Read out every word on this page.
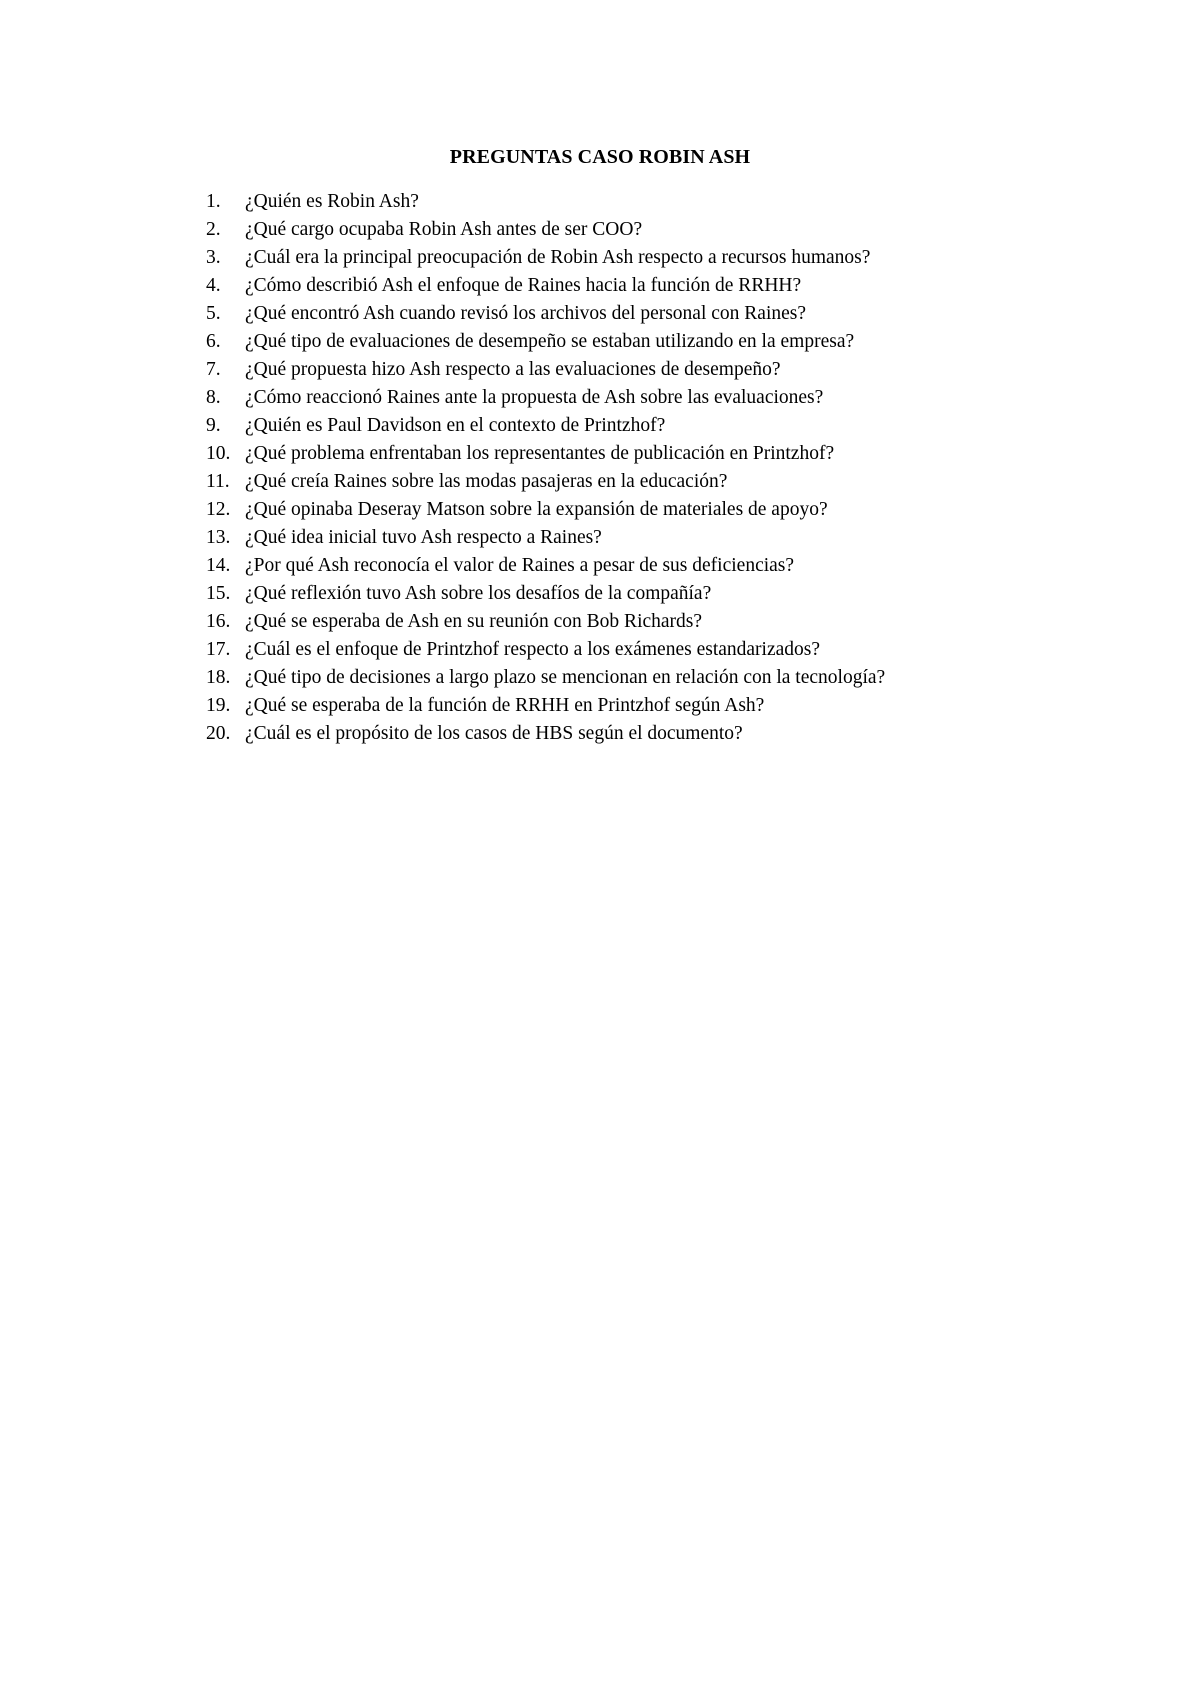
PREGUNTAS CASO ROBIN ASH
1.	¿Quién es Robin Ash?
2.	¿Qué cargo ocupaba Robin Ash antes de ser COO?
3.	¿Cuál era la principal preocupación de Robin Ash respecto a recursos humanos?
4.	¿Cómo describió Ash el enfoque de Raines hacia la función de RRHH?
5.	¿Qué encontró Ash cuando revisó los archivos del personal con Raines?
6.	¿Qué tipo de evaluaciones de desempeño se estaban utilizando en la empresa?
7.	¿Qué propuesta hizo Ash respecto a las evaluaciones de desempeño?
8.	¿Cómo reaccionó Raines ante la propuesta de Ash sobre las evaluaciones?
9.	¿Quién es Paul Davidson en el contexto de Printzhof?
10. ¿Qué problema enfrentaban los representantes de publicación en Printzhof?
11. ¿Qué creía Raines sobre las modas pasajeras en la educación?
12. ¿Qué opinaba Deseray Matson sobre la expansión de materiales de apoyo?
13. ¿Qué idea inicial tuvo Ash respecto a Raines?
14. ¿Por qué Ash reconocía el valor de Raines a pesar de sus deficiencias?
15. ¿Qué reflexión tuvo Ash sobre los desafíos de la compañía?
16. ¿Qué se esperaba de Ash en su reunión con Bob Richards?
17. ¿Cuál es el enfoque de Printzhof respecto a los exámenes estandarizados?
18. ¿Qué tipo de decisiones a largo plazo se mencionan en relación con la tecnología?
19. ¿Qué se esperaba de la función de RRHH en Printzhof según Ash?
20. ¿Cuál es el propósito de los casos de HBS según el documento?
